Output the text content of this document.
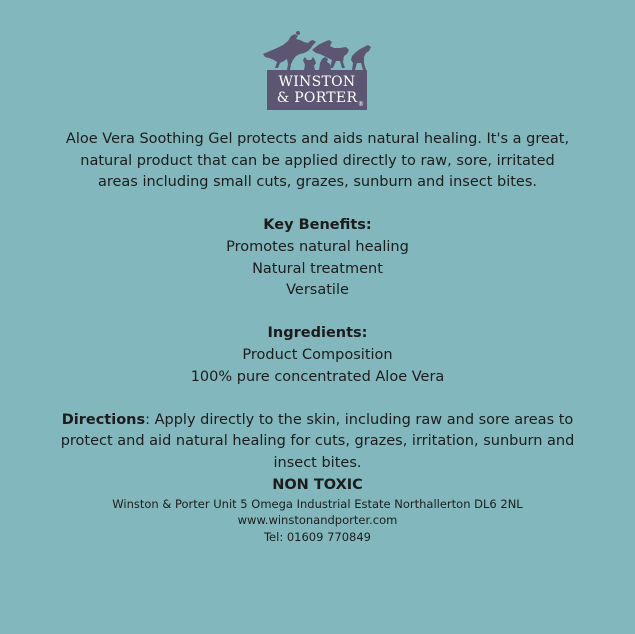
WINSTON
& PORTER ®

Aloe Vera Soothing Gel protects and aids natural healing. It's a great, natural product that can be applied directly to raw, sore, irritated areas including small cuts, grazes, sunburn and insect bites.

Key Benefits:
Promotes natural healing
Natural treatment
Versatile
Ingredients:
Product Composition
100% pure concentrated Aloe Vera

Directions: Apply directly to the skin, including raw and sore areas to protect and aid natural healing for cuts, grazes, irritation, sunburn and insect bites.

NON TOXIC
Winston & Porter Unit 5 Omega Industrial Estate Northallerton DL6 2NL
www.winstonandporter.com
Tel: 01609 770849
